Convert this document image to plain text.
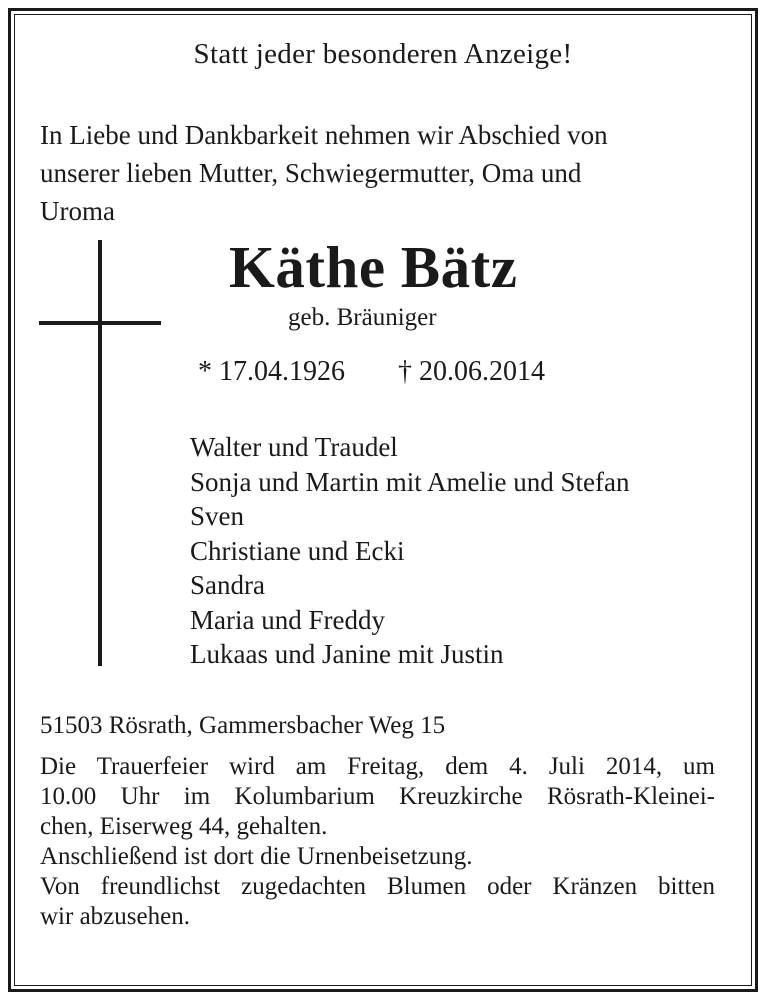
Statt jeder besonderen Anzeige!
In Liebe und Dankbarkeit nehmen wir Abschied von
unserer lieben Mutter, Schwiegermutter, Oma und
Uroma
Käthe Bätz
geb. Bräuniger
* 17.04.1926 † 20.06.2014
Walter und Traudel
Sonja und Martin mit Amelie und Stefan
Sven
Christiane und Ecki
Sandra
Maria und Freddy
Lukaas und Janine mit Justin
51503 Rösrath, Gammersbacher Weg 15
Die Trauerfeier wird am Freitag, dem 4. Juli 2014, um
10.00 Uhr im Kolumbarium Kreuzkirche Rösrath-Kleinei-
chen, Eiserweg 44, gehalten.
Anschließend ist dort die Urnenbeisetzung.
Von freundlichst zugedachten Blumen oder Kränzen bitten
wir abzusehen.
